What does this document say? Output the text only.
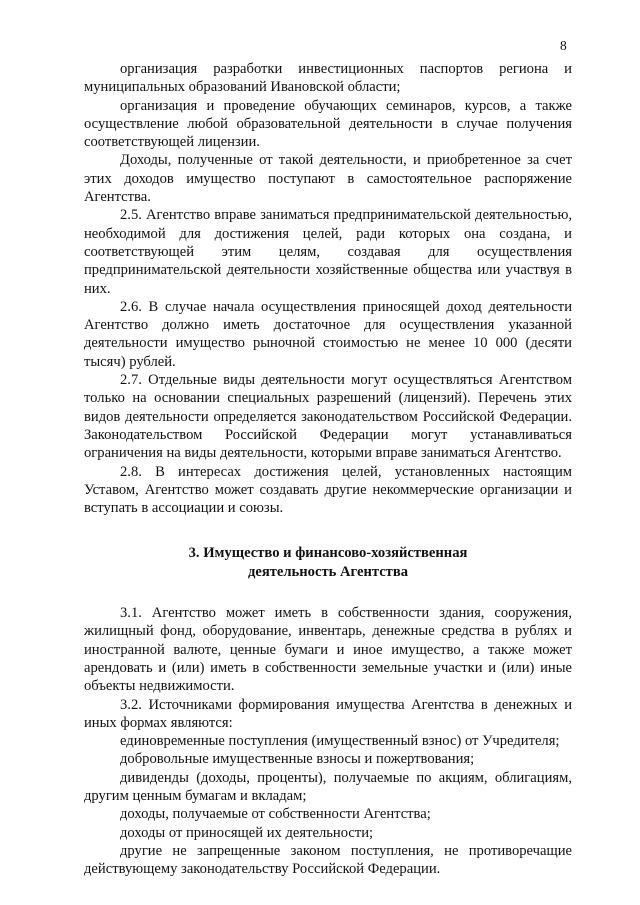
8

организация разработки инвестиционных паспортов региона и муниципальных образований Ивановской области;

организация и проведение обучающих семинаров, курсов, а также осуществление любой образовательной деятельности в случае получения соответствующей лицензии.

Доходы, полученные от такой деятельности, и приобретенное за счет этих доходов имущество поступают в самостоятельное распоряжение Агентства.

2.5. Агентство вправе заниматься предпринимательской деятельностью, необходимой для достижения целей, ради которых она создана, и соответствующей этим целям, создавая для осуществления предпринимательской деятельности хозяйственные общества или участвуя в них.

2.6. В случае начала осуществления приносящей доход деятельности Агентство должно иметь достаточное для осуществления указанной деятельности имущество рыночной стоимостью не менее 10 000 (десяти тысяч) рублей.

2.7. Отдельные виды деятельности могут осуществляться Агентством только на основании специальных разрешений (лицензий). Перечень этих видов деятельности определяется законодательством Российской Федерации. Законодательством Российской Федерации могут устанавливаться ограничения на виды деятельности, которыми вправе заниматься Агентство.

2.8. В интересах достижения целей, установленных настоящим Уставом, Агентство может создавать другие некоммерческие организации и вступать в ассоциации и союзы.

3. Имущество и финансово-хозяйственная
деятельность Агентства

3.1. Агентство может иметь в собственности здания, сооружения, жилищный фонд, оборудование, инвентарь, денежные средства в рублях и иностранной валюте, ценные бумаги и иное имущество, а также может арендовать и (или) иметь в собственности земельные участки и (или) иные объекты недвижимости.

3.2. Источниками формирования имущества Агентства в денежных и иных формах являются:

единовременные поступления (имущественный взнос) от Учредителя;

добровольные имущественные взносы и пожертвования;

дивиденды (доходы, проценты), получаемые по акциям, облигациям, другим ценным бумагам и вкладам;

доходы, получаемые от собственности Агентства;

доходы от приносящей их деятельности;

другие не запрещенные законом поступления, не противоречащие действующему законодательству Российской Федерации.
